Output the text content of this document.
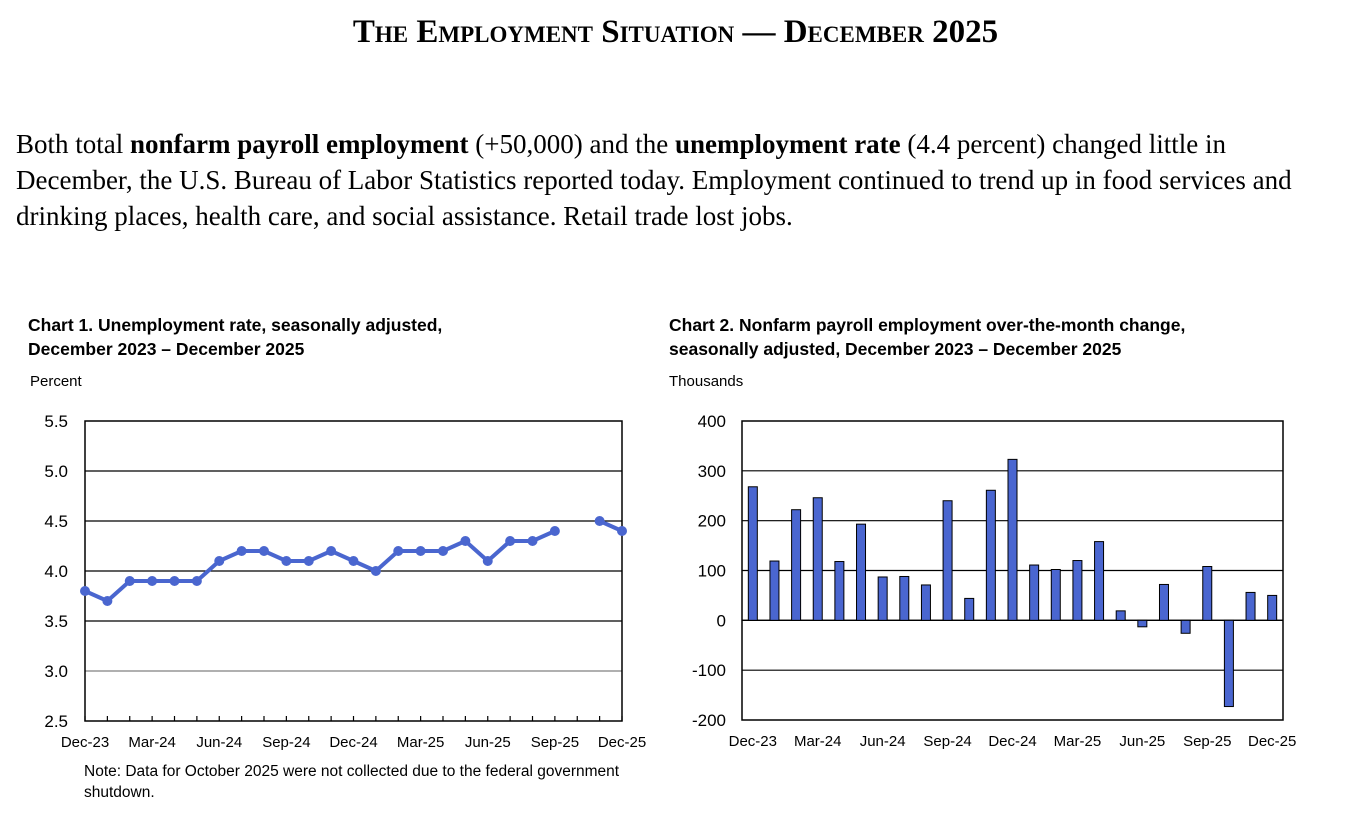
The Employment Situation — December 2025
Both total nonfarm payroll employment (+50,000) and the unemployment rate (4.4 percent) changed little in December, the U.S. Bureau of Labor Statistics reported today. Employment continued to trend up in food services and drinking places, health care, and social assistance. Retail trade lost jobs.
Chart 1. Unemployment rate, seasonally adjusted,
December 2023 – December 2025
Percent
Chart 2. Nonfarm payroll employment over-the-month change,
seasonally adjusted, December 2023 – December 2025
Thousands
5.5
5.0
4.5
4.0
3.5
3.0
2.5
Dec-23 Mar-24 Jun-24 Sep-24 Dec-24 Mar-25 Jun-25 Sep-25 Dec-25
400
300
200
100
0
-100
-200
Dec-23 Mar-24 Jun-24 Sep-24 Dec-24 Mar-25 Jun-25 Sep-25 Dec-25
Note: Data for October 2025 were not collected due to the federal government shutdown.
